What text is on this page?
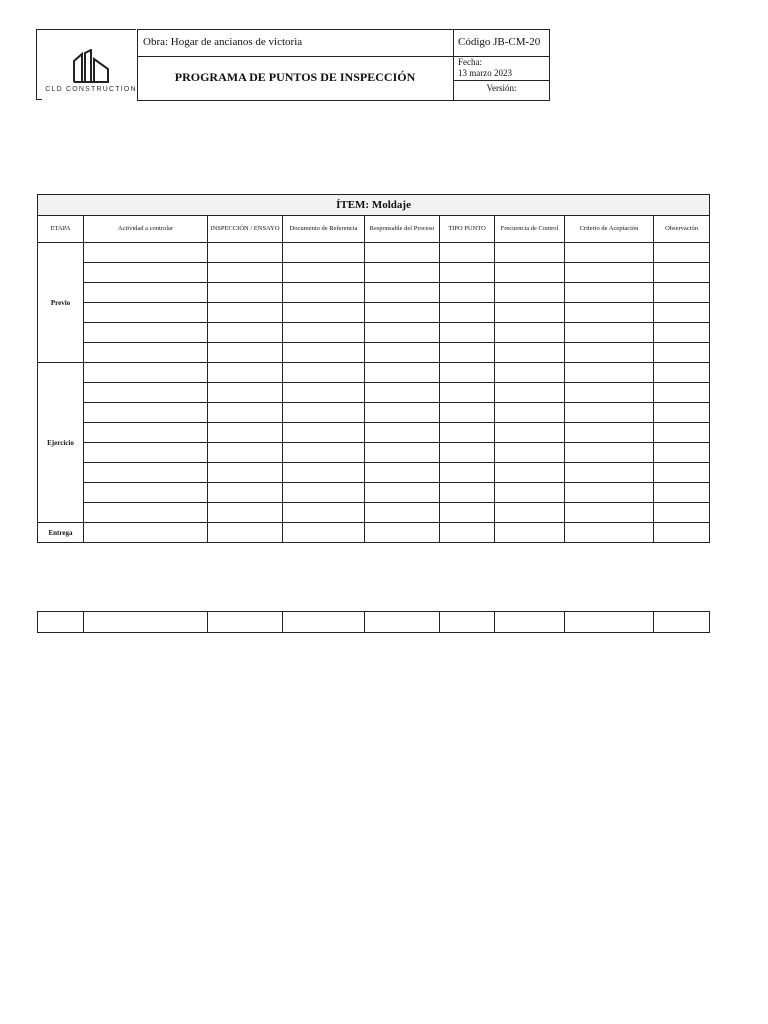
CLD CONSTRUCTION
Obra: Hogar de ancianos de victoria	Código JB-CM-20
PROGRAMA DE PUNTOS DE INSPECCIÓN
Fecha:
13 marzo 2023
Versión:
ÍTEM: Moldaje								
ETAPA	Actividad a controlar	INSPECCIÓN / ENSAYO	Documento de Referencia	Responsable del Proceso	TIPO PUNTO	Frecuencia de Control	Criterio de Aceptación	Observación
Previo								

Ejercicio								

Entrega								
